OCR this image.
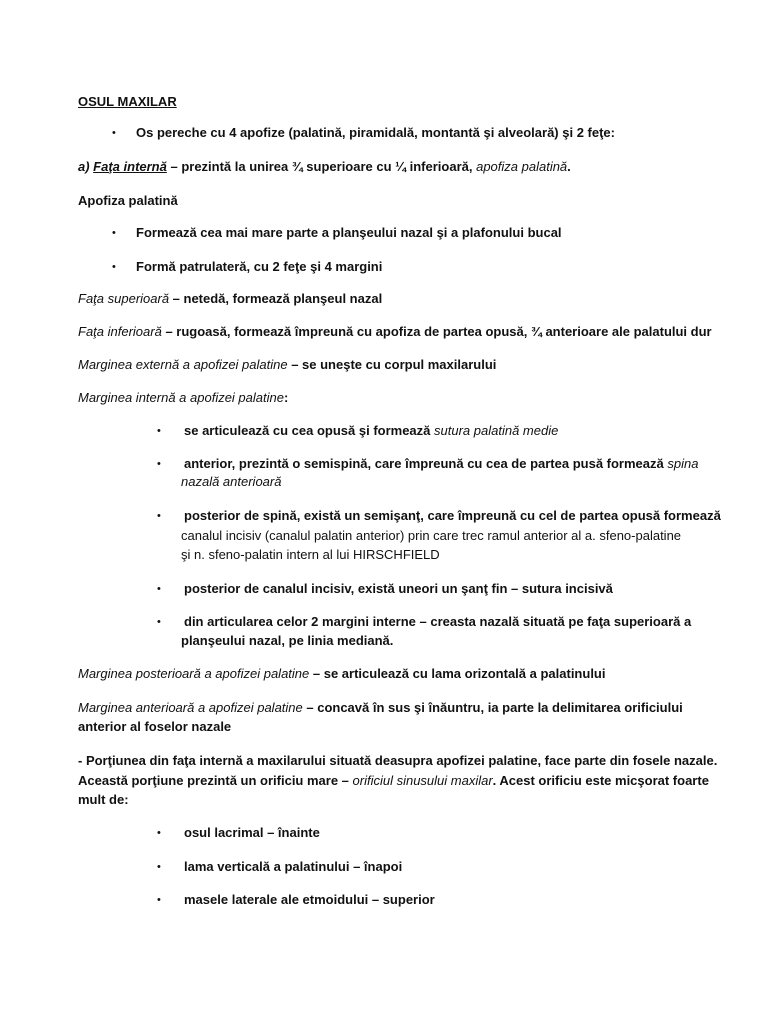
OSUL MAXILAR
• Os pereche cu 4 apofize (palatină, piramidală, montantă şi alveolară) şi 2 feţe:
a) Faţa internă – prezintă la unirea ¾ superioare cu ¼ inferioară, apofiza palatină.
Apofiza palatină
• Formează cea mai mare parte a planşeului nazal şi a plafonului bucal
• Formă patrulateră, cu 2 feţe şi 4 margini
Faţa superioară – netedă, formează planşeul nazal
Faţa inferioară – rugoasă, formează împreună cu apofiza de partea opusă, ¾ anterioare ale palatului dur
Marginea externă a apofizei palatine – se uneşte cu corpul maxilarului
Marginea internă a apofizei palatine:
• se articulează cu cea opusă şi formează sutura palatină medie
• anterior, prezintă o semispină, care împreună cu cea de partea pusă formează spina
nazală anterioară
• posterior de spină, există un semişanţ, care împreună cu cel de partea opusă formează
canalul incisiv (canalul palatin anterior) prin care trec ramul anterior al a. sfeno-palatine
şi n. sfeno-palatin intern al lui HIRSCHFIELD
• posterior de canalul incisiv, există uneori un şanţ fin – sutura incisivă
• din articularea celor 2 margini interne – creasta nazală situată pe faţa superioară a
planşeului nazal, pe linia mediană.
Marginea posterioară a apofizei palatine – se articulează cu lama orizontală a palatinului
Marginea anterioară a apofizei palatine – concavă în sus şi înăuntru, ia parte la delimitarea orificiului
anterior al foselor nazale
- Porţiunea din faţa internă a maxilarului situată deasupra apofizei palatine, face parte din fosele nazale.
Această porţiune prezintă un orificiu mare – orificiul sinusului maxilar. Acest orificiu este micşorat foarte
mult de:
• osul lacrimal – înainte
• lama verticală a palatinului – înapoi
• masele laterale ale etmoidului – superior
